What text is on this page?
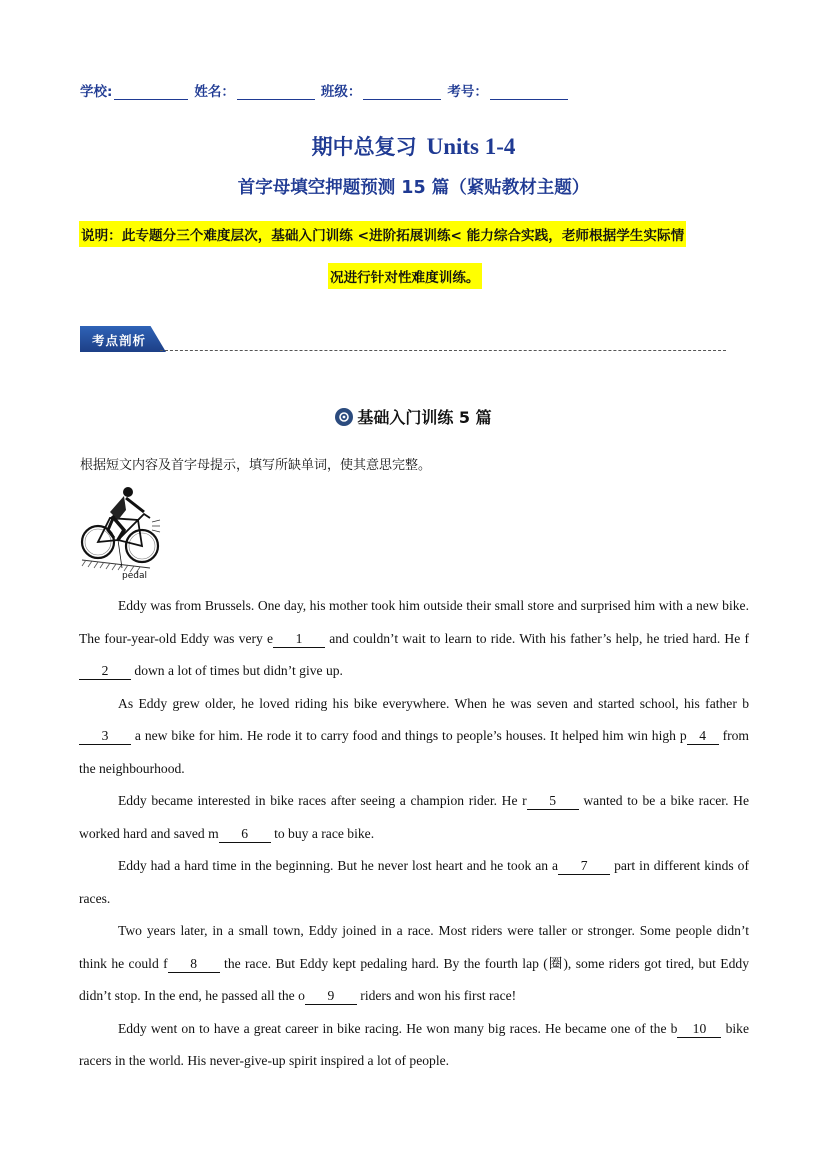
学校:	姓名：	班级：	考号：
期中总复习 Units 1-4
首字母填空押题预测 15 篇（紧贴教材主题）
说明：此专题分三个难度层次，基础入门训练 <进阶拓展训练< 能力综合实践，老师根据学生实际情
况进行针对性难度训练。
考点剖析
基础入门训练 5 篇
根据短文内容及首字母提示，填写所缺单词，使其意思完整。
pedal

Eddy was from Brussels. One day, his mother took him outside their small store and surprised him with a new bike. The four-year-old Eddy was very e 1 and couldn’t wait to learn to ride. With his father’s help, he tried hard. He f2 down a lot of times but didn’t give up.

As Eddy grew older, he loved riding his bike everywhere. When he was seven and started school, his father b3 a new bike for him. He rode it to carry food and things to people’s houses. It helped him win high p 4 from the neighbourhood.

Eddy became interested in bike races after seeing a champion rider. He r 5 wanted to be a bike racer. He worked hard and saved m 6 to buy a race bike.

Eddy had a hard time in the beginning. But he never lost heart and he took an a 7 part in different kinds of races.

Two years later, in a small town, Eddy joined in a race. Most riders were taller or stronger. Some people didn’t think he could f 8 the race. But Eddy kept pedaling hard. By the fourth lap (圈), some riders got tired, but Eddy didn’t stop. In the end, he passed all the o 9 riders and won his first race!

Eddy went on to have a great career in bike racing. He won many big races. He became one of the b 10 bike racers in the world. His never-give-up spirit inspired a lot of people.
